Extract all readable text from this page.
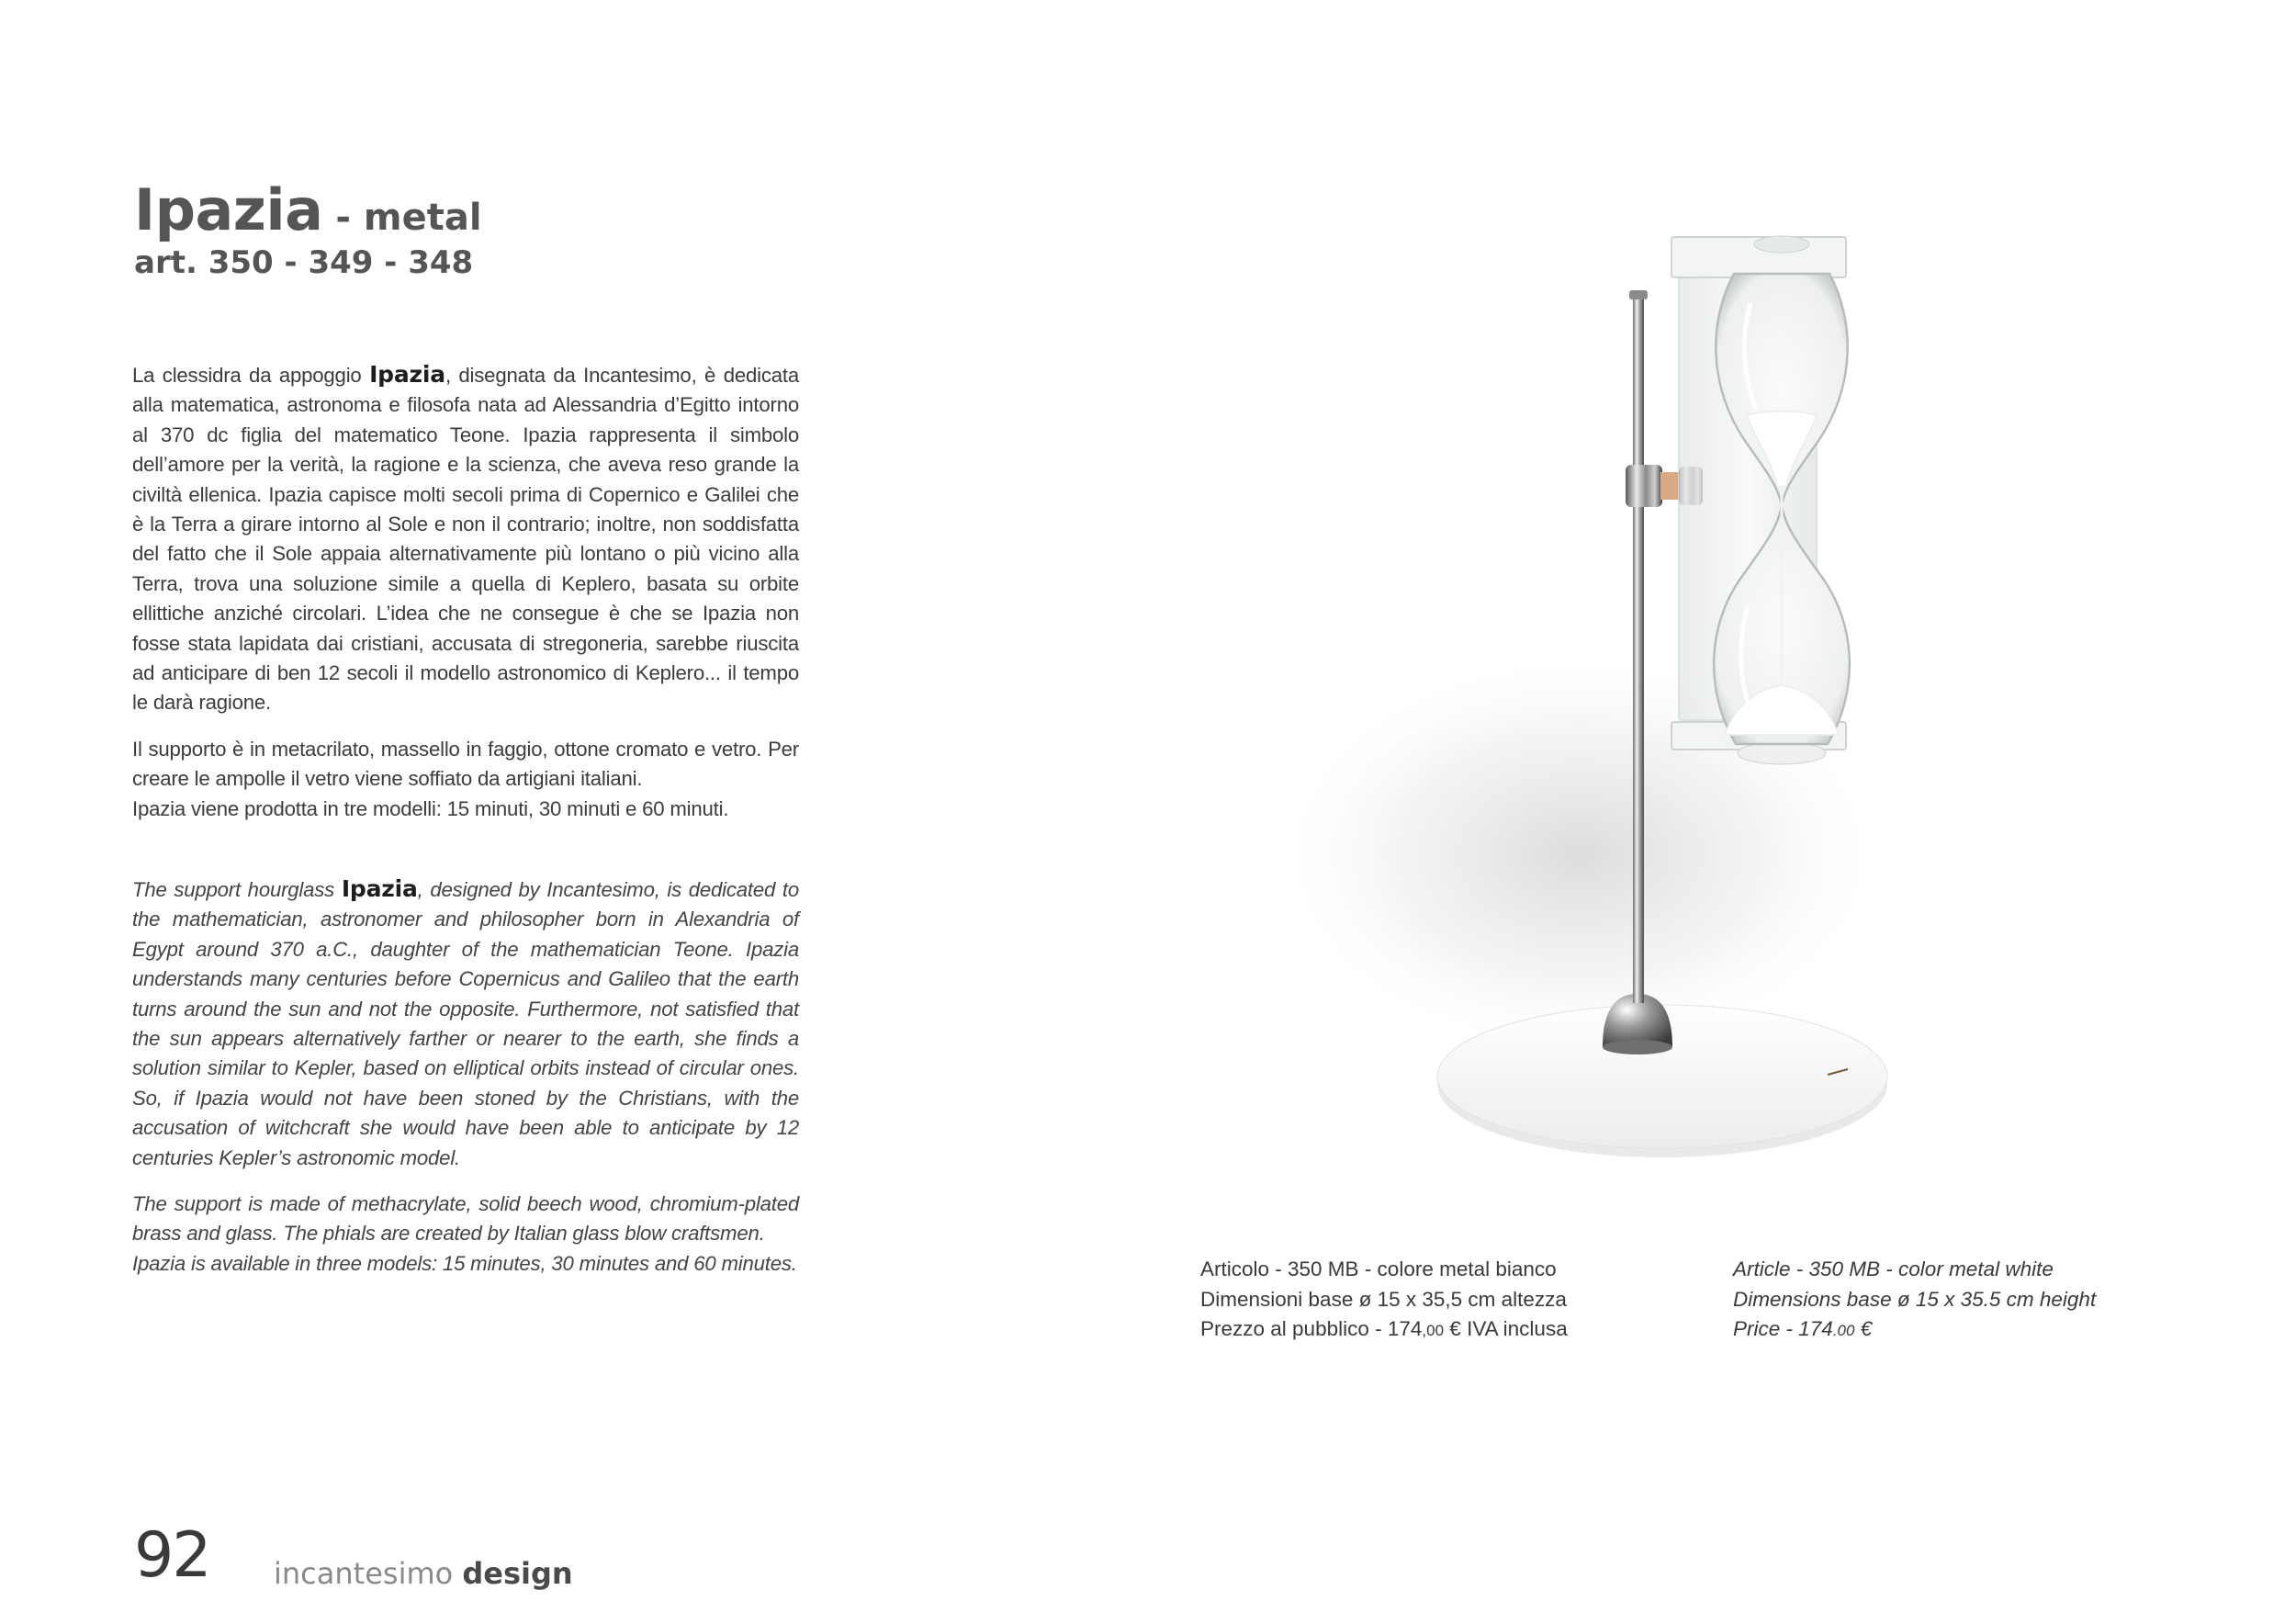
Ipazia - metal
art. 350 - 349 - 348

La clessidra da appoggio Ipazia, disegnata da Incantesimo, è dedicata alla matematica, astronoma e filosofa nata ad Alessandria d’Egitto intorno al 370 dc figlia del matematico Teone. Ipazia rappresenta il simbolo dell’amore per la verità, la ragione e la scienza, che aveva reso grande la civiltà ellenica. Ipazia capisce molti secoli prima di Copernico e Galilei che è la Terra a girare intorno al Sole e non il contrario; inoltre, non soddisfatta del fatto che il Sole appaia alternativamente più lontano o più vicino alla Terra, trova una soluzione simile a quella di Keplero, basata su orbite ellittiche anziché circolari. L’idea che ne consegue è che se Ipazia non fosse stata lapidata dai cristiani, accusata di stregoneria, sarebbe riuscita ad anticipare di ben 12 secoli il modello astronomico di Keplero... il tempo le darà ragione.

Il supporto è in metacrilato, massello in faggio, ottone cromato e vetro. Per creare le ampolle il vetro viene soffiato da artigiani italiani.

Ipazia viene prodotta in tre modelli: 15 minuti, 30 minuti e 60 minuti.

The support hourglass Ipazia, designed by Incantesimo, is dedicated to the mathematician, astronomer and philosopher born in Alexandria of Egypt around 370 a.C., daughter of the mathematician Teone. Ipazia understands many centuries before Copernicus and Galileo that the earth turns around the sun and not the opposite. Furthermore, not satisfied that the sun appears alternatively farther or nearer to the earth, she finds a solution similar to Kepler, based on elliptical orbits instead of circular ones. So, if Ipazia would not have been stoned by the Christians, with the accusation of witchcraft she would have been able to anticipate by 12 centuries Kepler’s astronomic model.

The support is made of methacrylate, solid beech wood, chromium-plated brass and glass. The phials are created by Italian glass blow craftsmen.

Ipazia is available in three models: 15 minutes, 30 minutes and 60 minutes.	Articolo - 350 MB - colore metal bianco
Dimensioni base ø 15 x 35,5 cm altezza
Prezzo al pubblico - 174,00 € IVA inclusa
Article - 350 MB - color metal white
Dimensions base ø 15 x 35.5 cm height
Price - 174.00 €
92 incantesimo design
